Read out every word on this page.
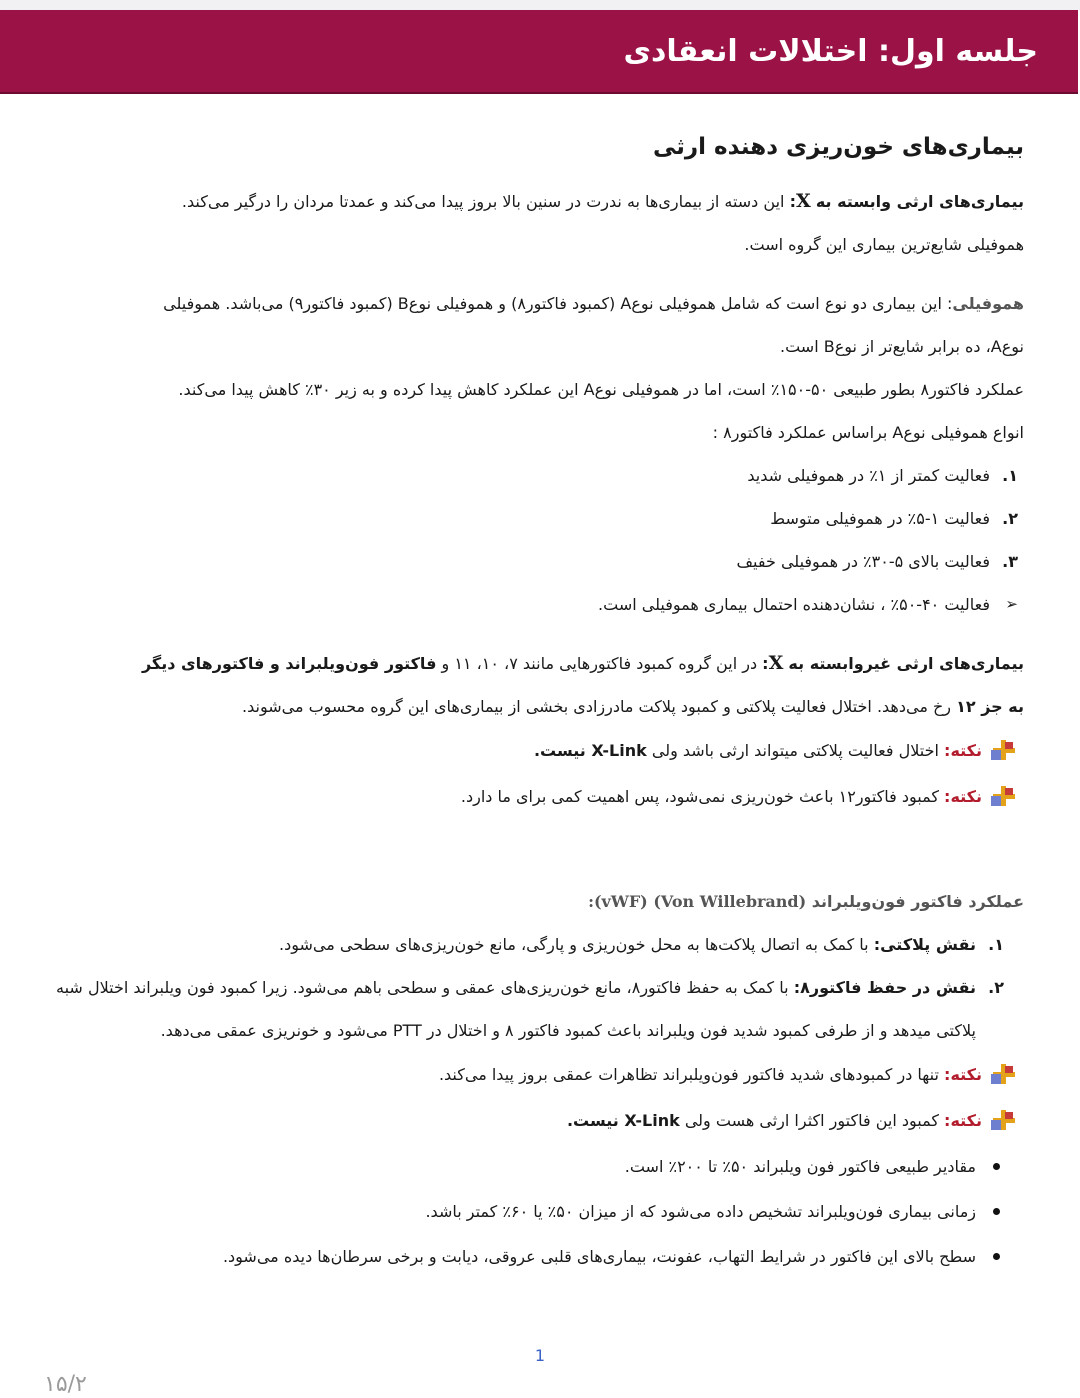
جلسه اول: اختلالات انعقادی
بیماری‌های خون‌ریزی دهنده ارثی

بیماری‌های ارثی وابسته به X: این دسته از بیماری‌ها به ندرت در سنین بالا بروز پیدا می‌کند و عمدتا مردان را درگیر می‌کند.

هموفیلی شایع‌ترین بیماری این گروه است.

هموفیلی: این بیماری دو نوع است که شامل هموفیلی نوعA (کمبود فاکتور۸) و هموفیلی نوعB (کمبود فاکتور۹) می‌باشد. هموفیلی

نوعA، ده برابر شایع‌تر از نوعB است.

عملکرد فاکتور۸ بطور طبیعی ۵۰-۱۵۰٪ است، اما در هموفیلی نوعA این عملکرد کاهش پیدا کرده و به زیر ۳۰٪ کاهش پیدا می‌کند.

انواع هموفیلی نوعA براساس عملکرد فاکتور۸ :

۱.
فعالیت کمتر از ۱٪ در هموفیلی شدید
۲.
فعالیت ۱-۵٪ در هموفیلی متوسط
۳.
فعالیت بالای ۵-۳۰٪ در هموفیلی خفیف
➢
فعالیت ۴۰-۵۰٪ ، نشان‌دهنده احتمال بیماری هموفیلی است.

بیماری‌های ارثی غیروابسته به X: در این گروه کمبود فاکتورهایی مانند ۷، ۱۰، ۱۱ و فاکتور فون‌ویلبراند و فاکتورهای دیگر

به جز ۱۲ رخ می‌دهد. اختلال فعالیت پلاکتی و کمبود پلاکت مادرزادی بخشی از بیماری‌های این گروه محسوب می‌شوند.

نکته: اختلال فعالیت پلاکتی میتواند ارثی باشد ولی X-Link نیست.
نکته: کمبود فاکتور۱۲ باعث خون‌ریزی نمی‌شود، پس اهمیت کمی برای ما دارد.

عملکرد فاکتور فون‌ویلبراند (Von Willebrand) (vWF):

۱.
نقش پلاکتی: با کمک به اتصال پلاکت‌ها به محل خون‌ریزی و پارگی، مانع خون‌ریزی‌های سطحی می‌شود.
۲.
نقش در حفظ فاکتور۸: با کمک به حفظ فاکتور۸، مانع خون‌ریزی‌های عمقی و سطحی باهم می‌شود. زیرا کمبود فون ویلبراند اختلال شبه پلاکتی میدهد و از طرفی کمبود شدید فون ویلبراند باعث کمبود فاکتور ۸ و اختلال در PTT می‌شود و خونریزی عمقی می‌دهد.
نکته: تنها در کمبودهای شدید فاکتور فون‌ویلبراند تظاهرات عمقی بروز پیدا می‌کند.
نکته: کمبود این فاکتور اکثرا ارثی هست ولی X-Link نیست.
مقادیر طبیعی فاکتور فون ویلبراند ۵۰٪ تا ۲۰۰٪ است.
زمانی بیماری فون‌ویلبراند تشخیص داده می‌شود که از میزان ۵۰٪ یا ۶۰٪ کمتر باشد.
سطح بالای این فاکتور در شرایط التهاب، عفونت، بیماری‌های قلبی عروقی، دیابت و برخی سرطان‌ها دیده می‌شود.
1
۱۵/۲
